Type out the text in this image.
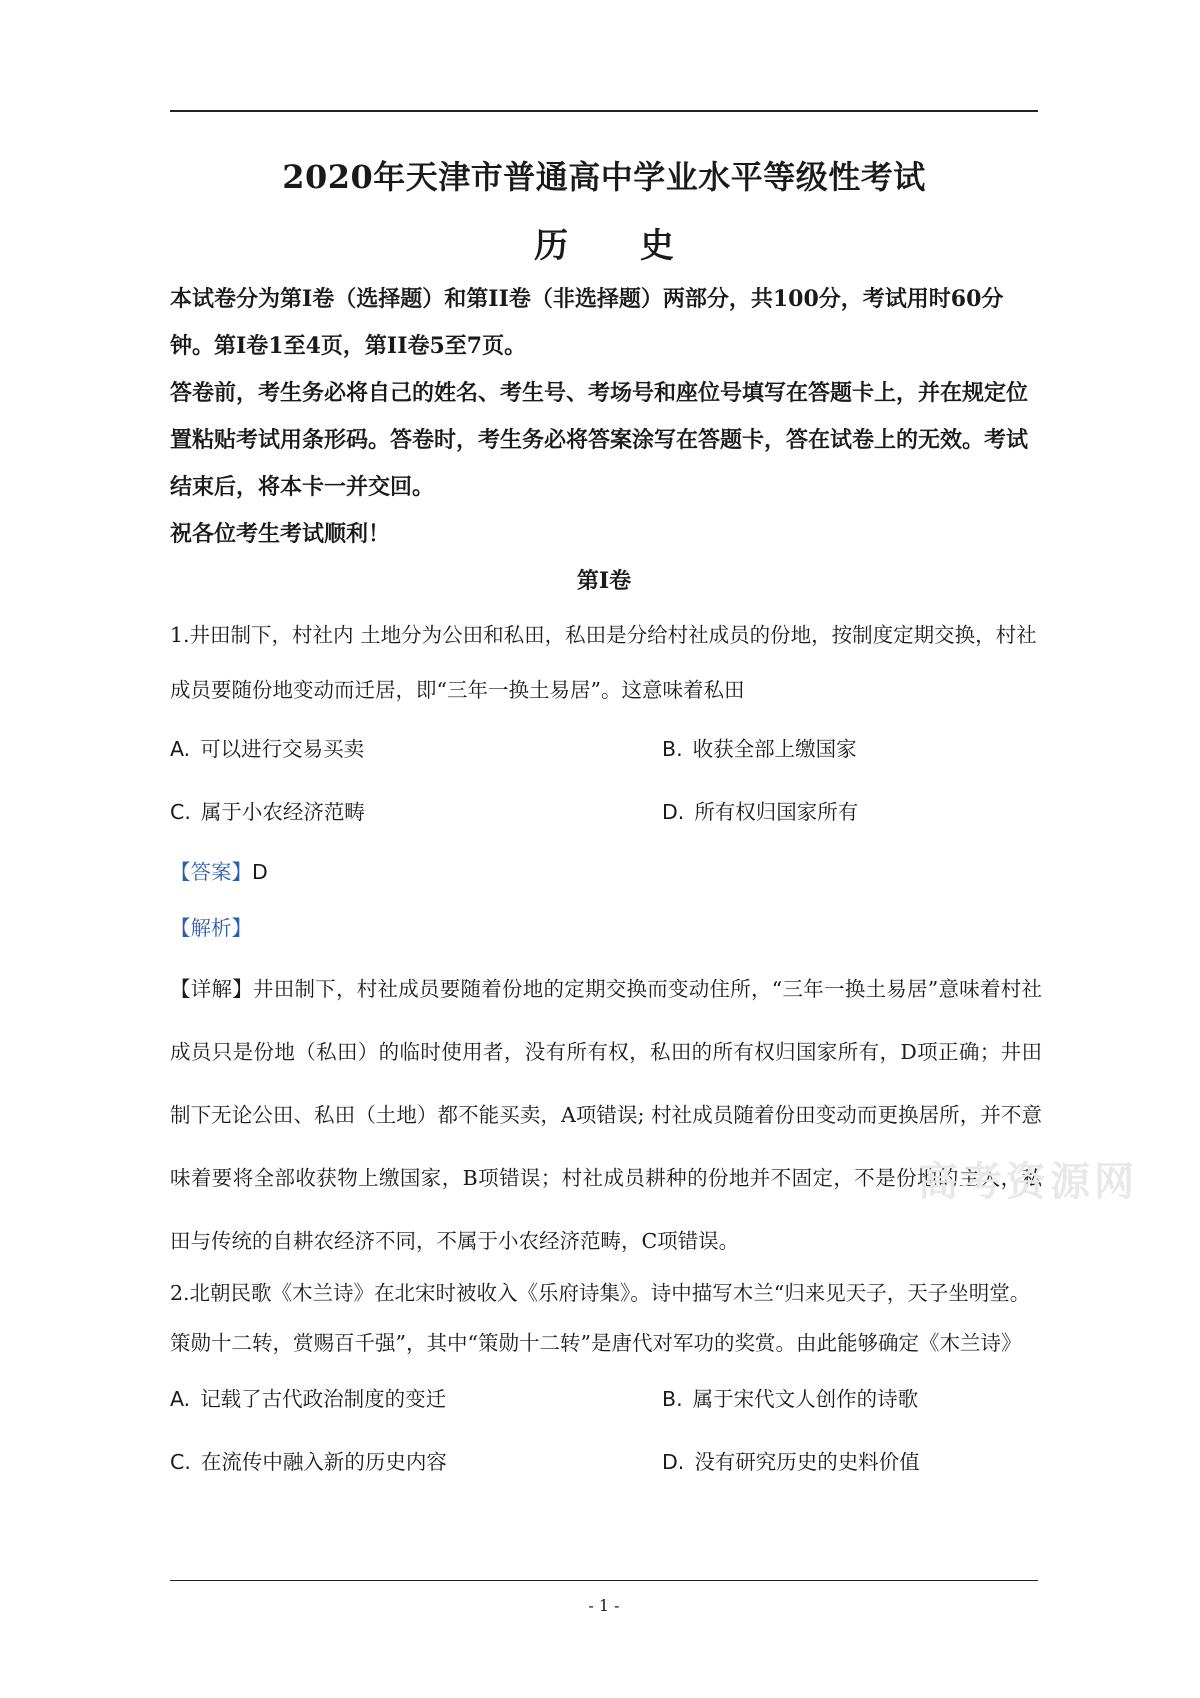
2020年天津市普通高中学业水平等级性考试
历 史

本试卷分为第I卷（选择题）和第II卷（非选择题）两部分，共100分，考试用时60分钟。第I卷1至4页，第II卷5至7页。

答卷前，考生务必将自己的姓名、考生号、考场号和座位号填写在答题卡上，并在规定位置粘贴考试用条形码。答卷时，考生务必将答案涂写在答题卡，答在试卷上的无效。考试结束后，将本卡一并交回。

祝各位考生考试顺利！

第I卷

1.井田制下，村社内 土地分为公田和私田，私田是分给村社成员的份地，按制度定期交换，村社成员要随份地变动而迁居，即“三年一换土易居”。这意味着私田

A. 可以进行交易买卖	B. 收获全部上缴国家
C. 属于小农经济范畴	D. 所有权归国家所有

【答案】D

【解析】

【详解】井田制下，村社成员要随着份地的定期交换而变动住所，“三年一换土易居”意味着村社成员只是份地（私田）的临时使用者，没有所有权，私田的所有权归国家所有，D项正确；井田制下无论公田、私田（土地）都不能买卖，A项错误; 村社成员随着份田变动而更换居所，并不意味着要将全部收获物上缴国家，B项错误；村社成员耕种的份地并不固定，不是份地的主人，私田与传统的自耕农经济不同，不属于小农经济范畴，C项错误。

高考资源网

2.北朝民歌《木兰诗》在北宋时被收入《乐府诗集》。诗中描写木兰“归来见天子，天子坐明堂。策勋十二转，赏赐百千强”，其中“策勋十二转”是唐代对军功的奖赏。由此能够确定《木兰诗》

A. 记载了古代政治制度的变迁	B. 属于宋代文人创作的诗歌
C. 在流传中融入新的历史内容	D. 没有研究历史的史料价值

- 1 -
